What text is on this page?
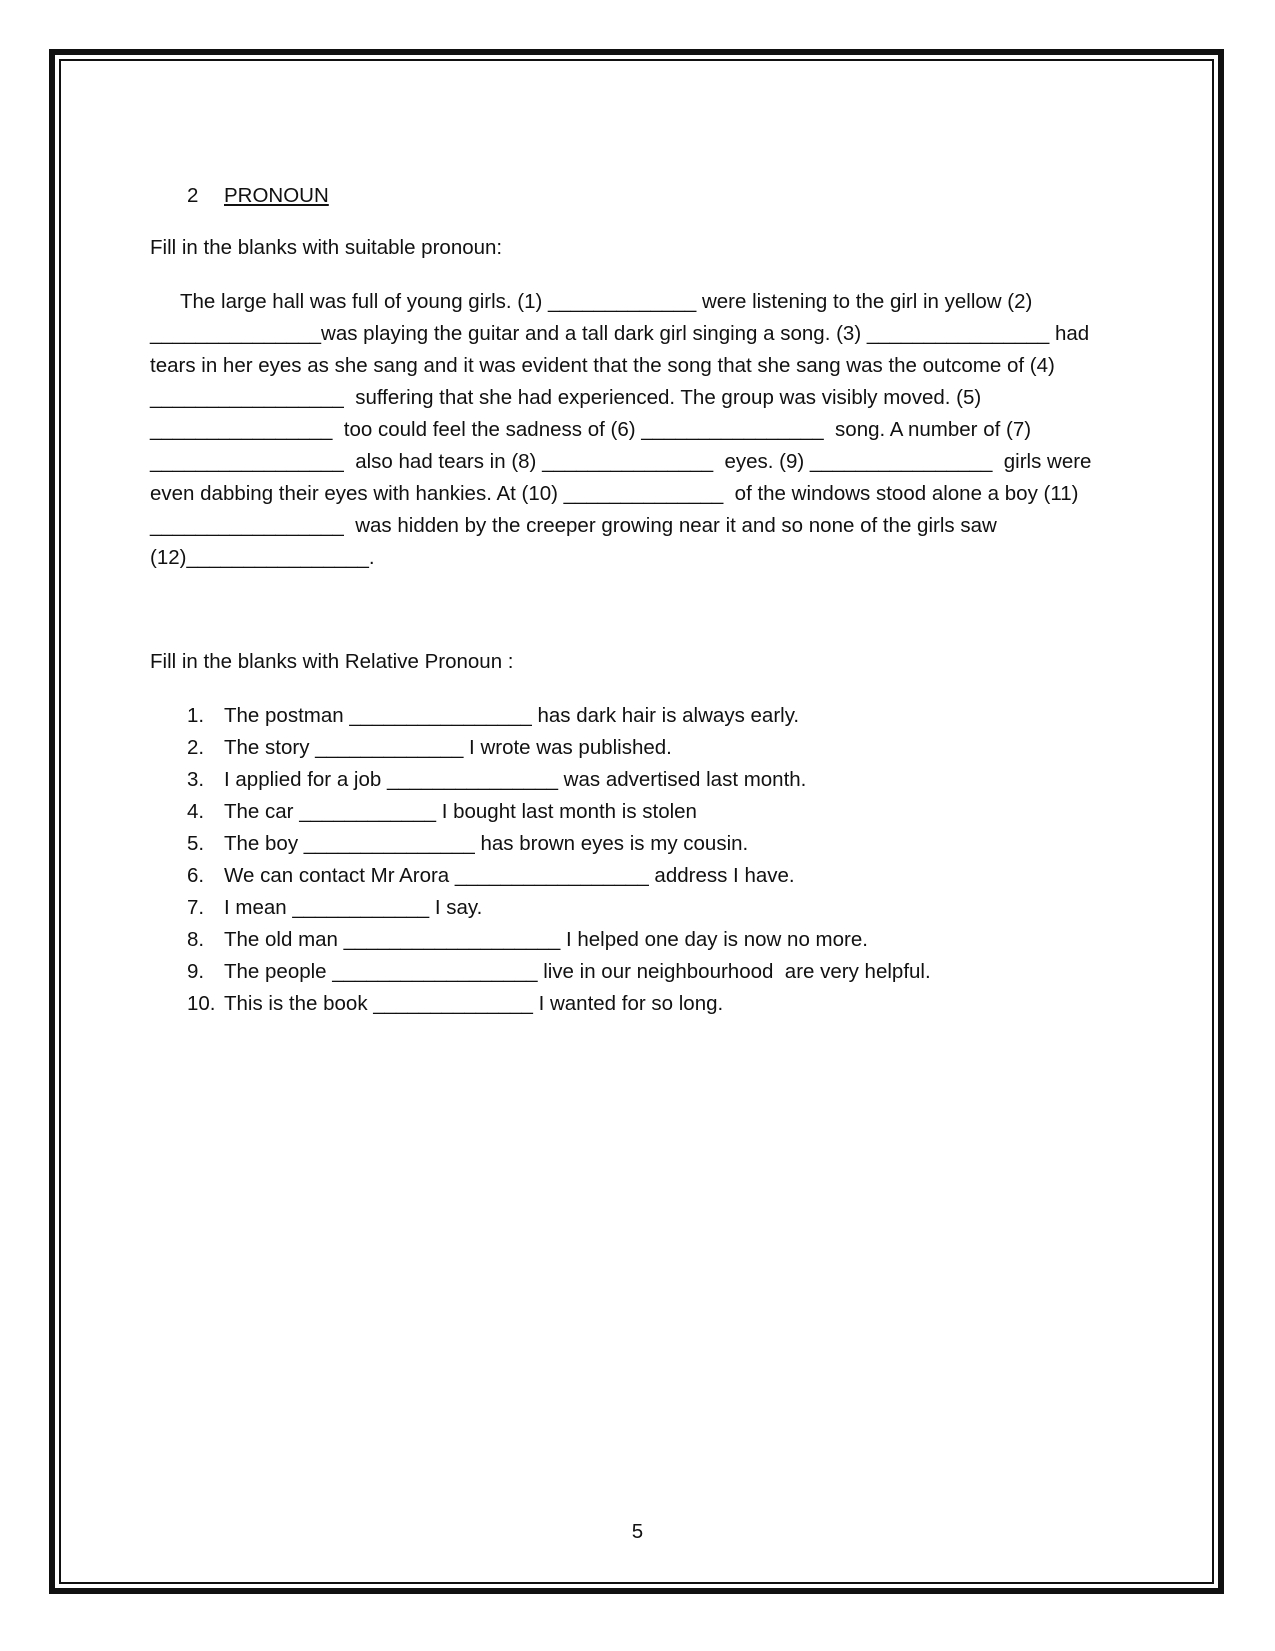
2	PRONOUN
Fill in the blanks with suitable pronoun:
The large hall was full of young girls. (1) _____________ were listening to the girl in yellow (2)
_______________was playing the guitar and a tall dark girl singing a song. (3) ________________ had
tears in her eyes as she sang and it was evident that the song that she sang was the outcome of (4)
_________________  suffering that she had experienced. The group was visibly moved. (5)
________________  too could feel the sadness of (6) ________________  song. A number of (7)
_________________  also had tears in (8) _______________  eyes. (9) ________________  girls were
even dabbing their eyes with hankies. At (10) ______________  of the windows stood alone a boy (11)
_________________  was hidden by the creeper growing near it and so none of the girls saw
(12)________________.
Fill in the blanks with Relative Pronoun :
1. The postman ________________ has dark hair is always early.
2. The story _____________ I wrote was published.
3. I applied for a job _______________ was advertised last month.
4. The car ____________ I bought last month is stolen
5. The boy _______________ has brown eyes is my cousin.
6. We can contact Mr Arora _________________ address I have.
7. I mean ____________ I say.
8. The old man ___________________ I helped one day is now no more.
9. The people __________________ live in our neighbourhood  are very helpful.
10. This is the book ______________ I wanted for so long.
5
